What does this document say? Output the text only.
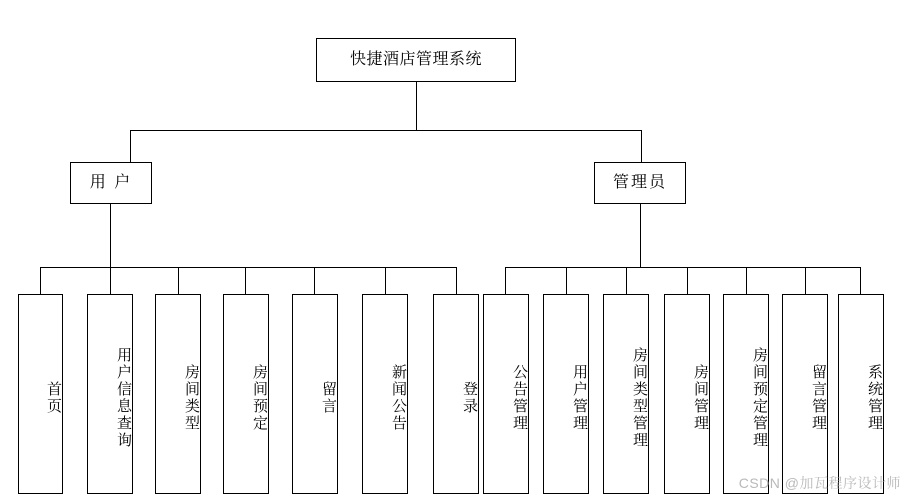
快捷酒店管理系统
用 户	管理员
首页	用户信息查询	房间类型	房间预定	留言	新闻公告	登录	公告管理	用户管理	房间类型管理	房间管理	房间预定管理	留言管理	系统管理
CSDN @加瓦程序设计师
